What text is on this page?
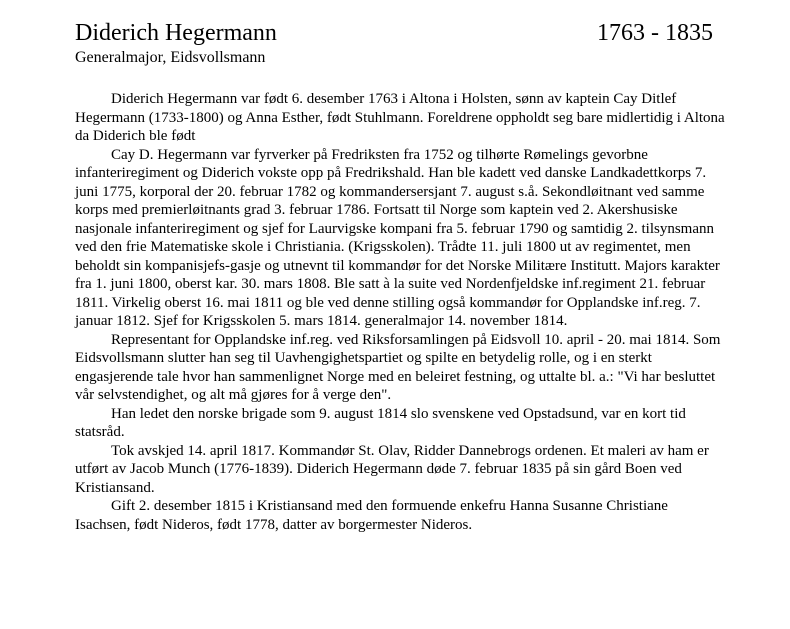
Diderich Hegermann	1763 - 1835
Generalmajor, Eidsvollsmann

Diderich Hegermann var født 6. desember 1763 i Altona i Holsten, sønn av kaptein Cay Ditlef Hegermann (1733-1800) og Anna Esther, født Stuhlmann. Foreldrene oppholdt seg bare midlertidig i Altona da Diderich ble født

Cay D. Hegermann var fyrverker på Fredriksten fra 1752 og tilhørte Rømelings gevorbne infanteriregiment og Diderich vokste opp på Fredrikshald. Han ble kadett ved danske Landkadettkorps 7. juni 1775, korporal der 20. februar 1782 og kommandersersjant 7. august s.å. Sekondløitnant ved samme korps med premierløitnants grad 3. februar 1786. Fortsatt til Norge som kaptein ved 2. Akershusiske nasjonale infanteriregiment og sjef for Laurvigske kompani fra 5. februar 1790 og samtidig 2. tilsynsmann ved den frie Matematiske skole i Christiania. (Krigsskolen). Trådte 11. juli 1800 ut av regimentet, men beholdt sin kompanisjefs-gasje og utnevnt til kommandør for det Norske Militære Institutt. Majors karakter fra 1. juni 1800, oberst kar. 30. mars 1808. Ble satt à la suite ved Nordenfjeldske inf.regiment 21. februar 1811. Virkelig oberst 16. mai 1811 og ble ved denne stilling også kommandør for Opplandske inf.reg. 7. januar 1812. Sjef for Krigsskolen 5. mars 1814. generalmajor 14. november 1814.

Representant for Opplandske inf.reg. ved Riksforsamlingen på Eidsvoll 10. april - 20. mai 1814. Som Eidsvollsmann slutter han seg til Uavhengighetspartiet og spilte en betydelig rolle, og i en sterkt engasjerende tale hvor han sammenlignet Norge med en beleiret festning, og uttalte bl. a.: "Vi har besluttet vår selvstendighet, og alt må gjøres for å verge den".

Han ledet den norske brigade som 9. august 1814 slo svenskene ved Opstadsund, var en kort tid statsråd.

Tok avskjed 14. april 1817. Kommandør St. Olav, Ridder Dannebrogs ordenen. Et maleri av ham er utført av Jacob Munch (1776-1839). Diderich Hegermann døde 7. februar 1835 på sin gård Boen ved Kristiansand.

Gift 2. desember 1815 i Kristiansand med den formuende enkefru Hanna Susanne Christiane Isachsen, født Nideros, født 1778, datter av borgermester Nideros.
